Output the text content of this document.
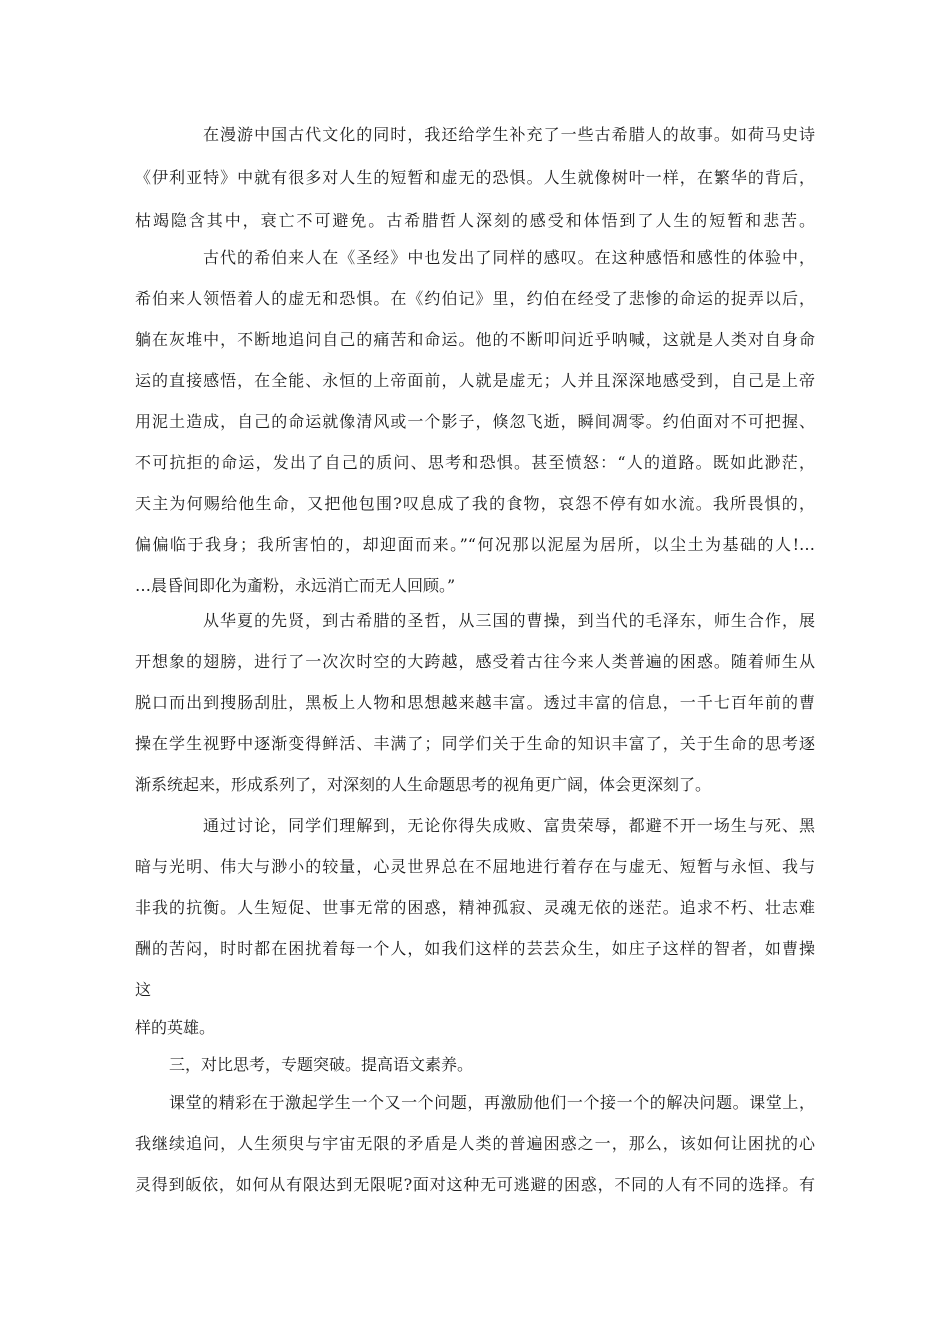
在漫游中国古代文化的同时，我还给学生补充了一些古希腊人的故事。如荷马史诗
《伊利亚特》中就有很多对人生的短暂和虚无的恐惧。人生就像树叶一样，在繁华的背后，
枯竭隐含其中，衰亡不可避免。古希腊哲人深刻的感受和体悟到了人生的短暂和悲苦。
古代的希伯来人在《圣经》中也发出了同样的感叹。在这种感悟和感性的体验中，
希伯来人领悟着人的虚无和恐惧。在《约伯记》里，约伯在经受了悲惨的命运的捉弄以后，
躺在灰堆中，不断地追问自己的痛苦和命运。他的不断叩问近乎呐喊，这就是人类对自身命
运的直接感悟，在全能、永恒的上帝面前，人就是虚无；人并且深深地感受到，自己是上帝
用泥土造成，自己的命运就像清风或一个影子，倏忽飞逝，瞬间凋零。约伯面对不可把握、
不可抗拒的命运，发出了自己的质问、思考和恐惧。甚至愤怒：“人的道路。既如此渺茫，
天主为何赐给他生命，又把他包围?叹息成了我的食物，哀怨不停有如水流。我所畏惧的，
偏偏临于我身；我所害怕的，却迎面而来。”“何况那以泥屋为居所，以尘土为基础的人!…
…晨昏间即化为齑粉，永远消亡而无人回顾。”
从华夏的先贤，到古希腊的圣哲，从三国的曹操，到当代的毛泽东，师生合作，展
开想象的翅膀，进行了一次次时空的大跨越，感受着古往今来人类普遍的困惑。随着师生从
脱口而出到搜肠刮肚，黑板上人物和思想越来越丰富。透过丰富的信息，一千七百年前的曹
操在学生视野中逐渐变得鲜活、丰满了；同学们关于生命的知识丰富了，关于生命的思考逐
渐系统起来，形成系列了，对深刻的人生命题思考的视角更广阔，体会更深刻了。
通过讨论，同学们理解到，无论你得失成败、富贵荣辱，都避不开一场生与死、黑
暗与光明、伟大与渺小的较量，心灵世界总在不屈地进行着存在与虚无、短暂与永恒、我与
非我的抗衡。人生短促、世事无常的困惑，精神孤寂、灵魂无依的迷茫。追求不朽、壮志难
酬的苦闷，时时都在困扰着每一个人，如我们这样的芸芸众生，如庄子这样的智者，如曹操
这
样的英雄。
三，对比思考，专题突破。提高语文素养。
课堂的精彩在于激起学生一个又一个问题，再激励他们一个接一个的解决问题。课堂上，
我继续追问，人生须臾与宇宙无限的矛盾是人类的普遍困惑之一，那么，该如何让困扰的心
灵得到皈依，如何从有限达到无限呢?面对这种无可逃避的困惑，不同的人有不同的选择。有
